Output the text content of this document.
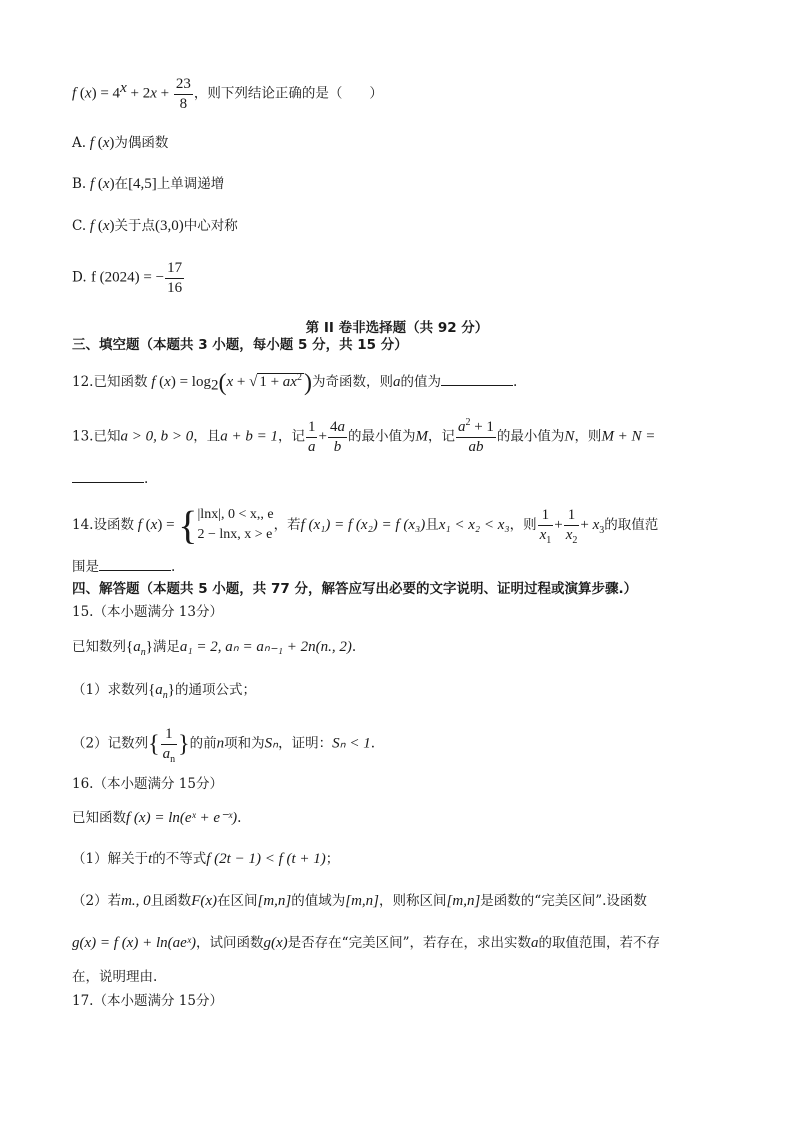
f $(x) = 4^x + 2x + \frac{23}{8}$ ，则下列结论正确的是（　　）
A. f (x)为偶函数
B. f (x)在[4,5]上单调递增
C. f (x)关于点(3,0)中心对称
D. f (2024) = − $\frac{17}{16}$
第 II 卷非选择题（共 92 分）
三、填空题（本题共 3 小题，每小题 5 分，共 15 分）
12.已知函数 f $(x) = \log_2(x$ + √ $1 + ax^2$)为奇函数，则a的值为	.
13.已知a > 0, b > 0，且a + b = 1，记 $\frac{1}{a} + \frac{4a}{b}$ 的最小值为M，记 $\frac{a^2 + 1}{ab}$ 的最小值为N，则M + N =
.
14.设函数 f (x) = {|lnx|, 0 < x,, e
2 − lnx, x > e，若f (x₁) = f (x₂) = f (x₃)且x₁ < x₂ < x₃，则 $\frac{1}{x_1} + \frac{1}{x_2} + x_3$的取值范
围是	.
四、解答题（本题共 5 小题，共 77 分，解答应写出必要的文字说明、证明过程或演算步骤.）
15.（本小题满分 13分）
已知数列$\{a_n\}$满足a₁ = 2, aₙ = aₙ₋₁ + 2n(n., 2).
（1）求数列$\{a_n\}$的通项公式；
（2）记数列{ $\frac{1}{a_n}$ }的前n项和为Sₙ，证明：Sₙ < 1.
16.（本小题满分 15分）
已知函数f (x) = ln(eˣ + e⁻ˣ).
（1）解关于t的不等式f (2t − 1) < f (t + 1)；
（2）若m., 0且函数F(x)在区间[m,n]的值域为[m,n]，则称区间[m,n]是函数的“完美区间”.设函数
g(x) = f (x) + ln(aeˣ)，试问函数g(x)是否存在“完美区间”，若存在，求出实数a的取值范围，若不存
在，说明理由.
17.（本小题满分 15分）
